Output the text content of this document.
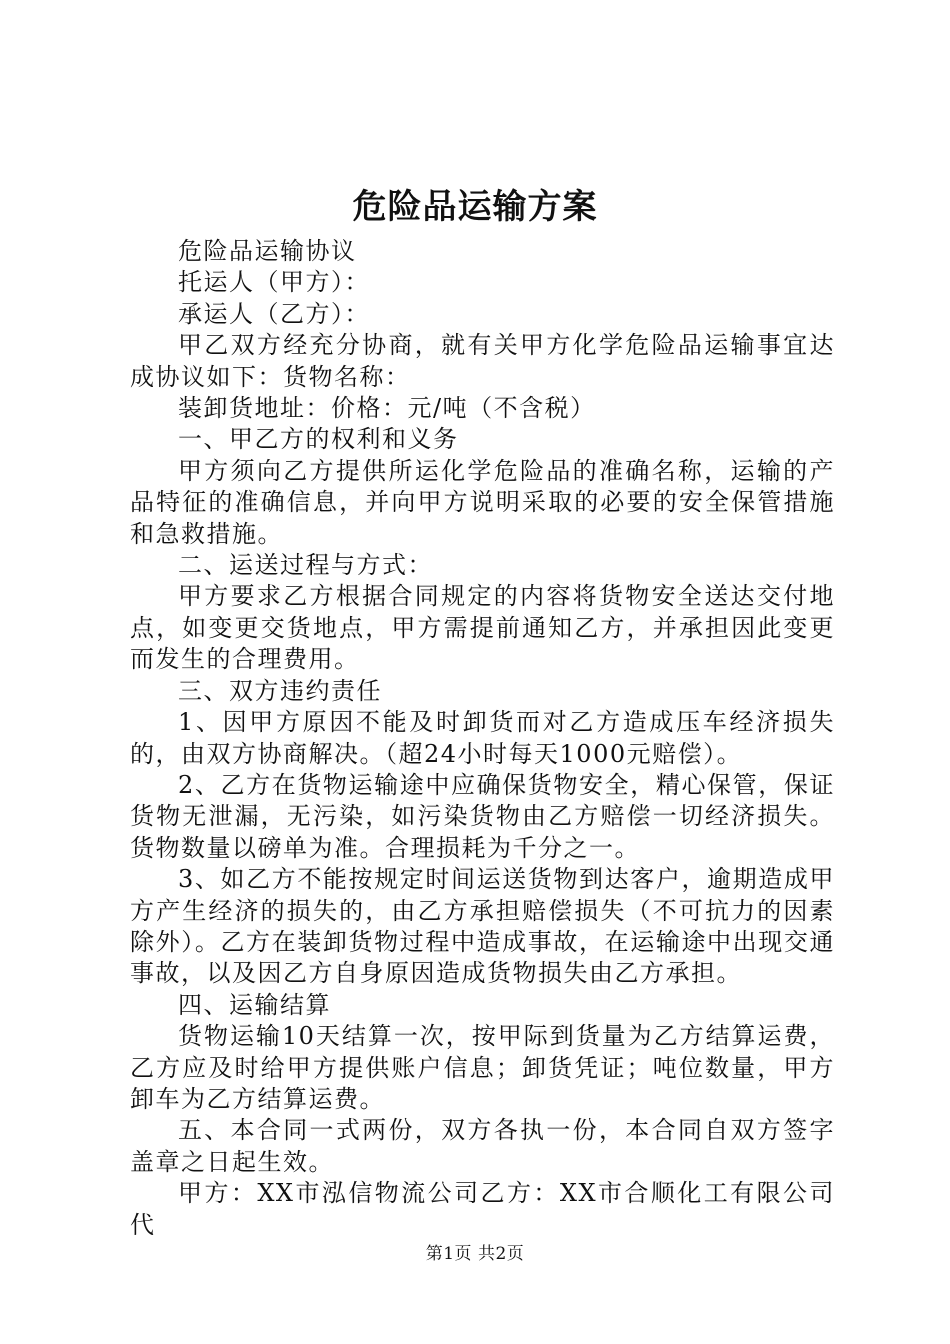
危险品运输方案

危险品运输协议

托运人（甲方）：

承运人（乙方）：

甲乙双方经充分协商，就有关甲方化学危险品运输事宜达成协议如下：货物名称：

装卸货地址：价格：元/吨（不含税）

一、甲乙方的权利和义务

甲方须向乙方提供所运化学危险品的准确名称，运输的产品特征的准确信息，并向甲方说明采取的必要的安全保管措施和急救措施。

二、运送过程与方式：

甲方要求乙方根据合同规定的内容将货物安全送达交付地点，如变更交货地点，甲方需提前通知乙方，并承担因此变更而发生的合理费用。

三、双方违约责任

1、因甲方原因不能及时卸货而对乙方造成压车经济损失的，由双方协商解决。（超24小时每天1000元赔偿）。

2、乙方在货物运输途中应确保货物安全，精心保管，保证货物无泄漏，无污染，如污染货物由乙方赔偿一切经济损失。货物数量以磅单为准。合理损耗为千分之一。

3、如乙方不能按规定时间运送货物到达客户，逾期造成甲方产生经济的损失的，由乙方承担赔偿损失（不可抗力的因素除外）。乙方在装卸货物过程中造成事故，在运输途中出现交通事故，以及因乙方自身原因造成货物损失由乙方承担。

四、运输结算

货物运输10天结算一次，按甲际到货量为乙方结算运费，乙方应及时给甲方提供账户信息；卸货凭证；吨位数量，甲方卸车为乙方结算运费。

五、本合同一式两份，双方各执一份，本合同自双方签字盖章之日起生效。

甲方：XX市泓信物流公司乙方：XX市合顺化工有限公司代

第1页 共2页
